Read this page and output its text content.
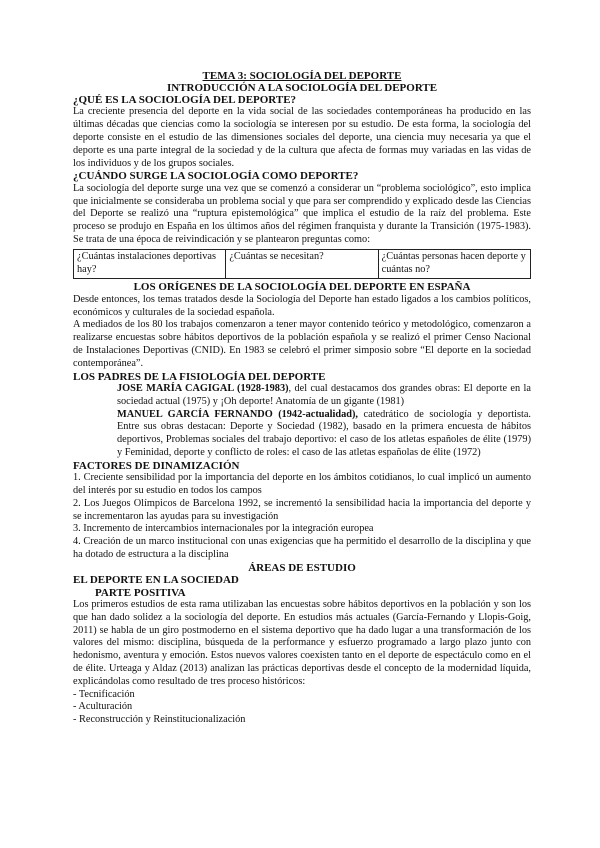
TEMA 3: SOCIOLOGÍA DEL DEPORTE
INTRODUCCIÓN A LA SOCIOLOGÍA DEL DEPORTE
¿QUÉ ES LA SOCIOLOGÍA DEL DEPORTE?

La creciente presencia del deporte en la vida social de las sociedades contemporáneas ha producido en las últimas décadas que ciencias como la sociología se interesen por su estudio. De esta forma, la sociología del deporte consiste en el estudio de las dimensiones sociales del deporte, una ciencia muy necesaria ya que el deporte es una parte integral de la sociedad y de la cultura que afecta de formas muy variadas en las vidas de los individuos y de los grupos sociales.

¿CUÁNDO SURGE LA SOCIOLOGÍA COMO DEPORTE?

La sociología del deporte surge una vez que se comenzó a considerar un “problema sociológico”, esto implica que inicialmente se consideraba un problema social y que para ser comprendido y explicado desde las Ciencias del Deporte se realizó una “ruptura epistemológica” que implica el estudio de la raíz del problema. Este proceso se produjo en España en los últimos años del régimen franquista y durante la Transición (1975-1983). Se trata de una época de reivindicación y se plantearon preguntas como:

¿Cuántas instalaciones deportivas hay?	¿Cuántas se necesitan?	¿Cuántas personas hacen deporte y cuántas no?
LOS ORÍGENES DE LA SOCIOLOGÍA DEL DEPORTE EN ESPAÑA

Desde entonces, los temas tratados desde la Sociología del Deporte han estado ligados a los cambios políticos, económicos y culturales de la sociedad española.

A mediados de los 80 los trabajos comenzaron a tener mayor contenido teórico y metodológico, comenzaron a realizarse encuestas sobre hábitos deportivos de la población española y se realizó el primer Censo Nacional de Instalaciones Deportivas (CNID). En 1983 se celebró el primer simposio sobre “El deporte en la sociedad contemporánea”.

LOS PADRES DE LA FISIOLOGÍA DEL DEPORTE

JOSE MARÍA CAGIGAL (1928-1983), del cual destacamos dos grandes obras: El deporte en la sociedad actual (1975) y ¡Oh deporte! Anatomía de un gigante (1981)

MANUEL GARCÍA FERNANDO (1942-actualidad), catedrático de sociología y deportista. Entre sus obras destacan: Deporte y Sociedad (1982), basado en la primera encuesta de hábitos deportivos, Problemas sociales del trabajo deportivo: el caso de los atletas españoles de élite (1979) y Feminidad, deporte y conflicto de roles: el caso de las atletas españolas de élite (1972)

FACTORES DE DINAMIZACIÓN

1. Creciente sensibilidad por la importancia del deporte en los ámbitos cotidianos, lo cual implicó un aumento del interés por su estudio en todos los campos

2. Los Juegos Olímpicos de Barcelona 1992, se incrementó la sensibilidad hacia la importancia del deporte y se incrementaron las ayudas para su investigación

3. Incremento de intercambios internacionales por la integración europea

4. Creación de un marco institucional con unas exigencias que ha permitido el desarrollo de la disciplina y que ha dotado de estructura a la disciplina

ÁREAS DE ESTUDIO
EL DEPORTE EN LA SOCIEDAD
PARTE POSITIVA

Los primeros estudios de esta rama utilizaban las encuestas sobre hábitos deportivos en la población y son los que han dado solidez a la sociología del deporte. En estudios más actuales (García-Fernando y Llopis-Goig, 2011) se habla de un giro postmoderno en el sistema deportivo que ha dado lugar a una transformación de los valores del mismo: disciplina, búsqueda de la performance y esfuerzo programado a largo plazo junto con hedonismo, aventura y emoción. Estos nuevos valores coexisten tanto en el deporte de espectáculo como en el de élite. Urteaga y Aldaz (2013) analizan las prácticas deportivas desde el concepto de la modernidad líquida, explicándolas como resultado de tres proceso históricos:

- Tecnificación

- Aculturación

- Reconstrucción y Reinstitucionalización
